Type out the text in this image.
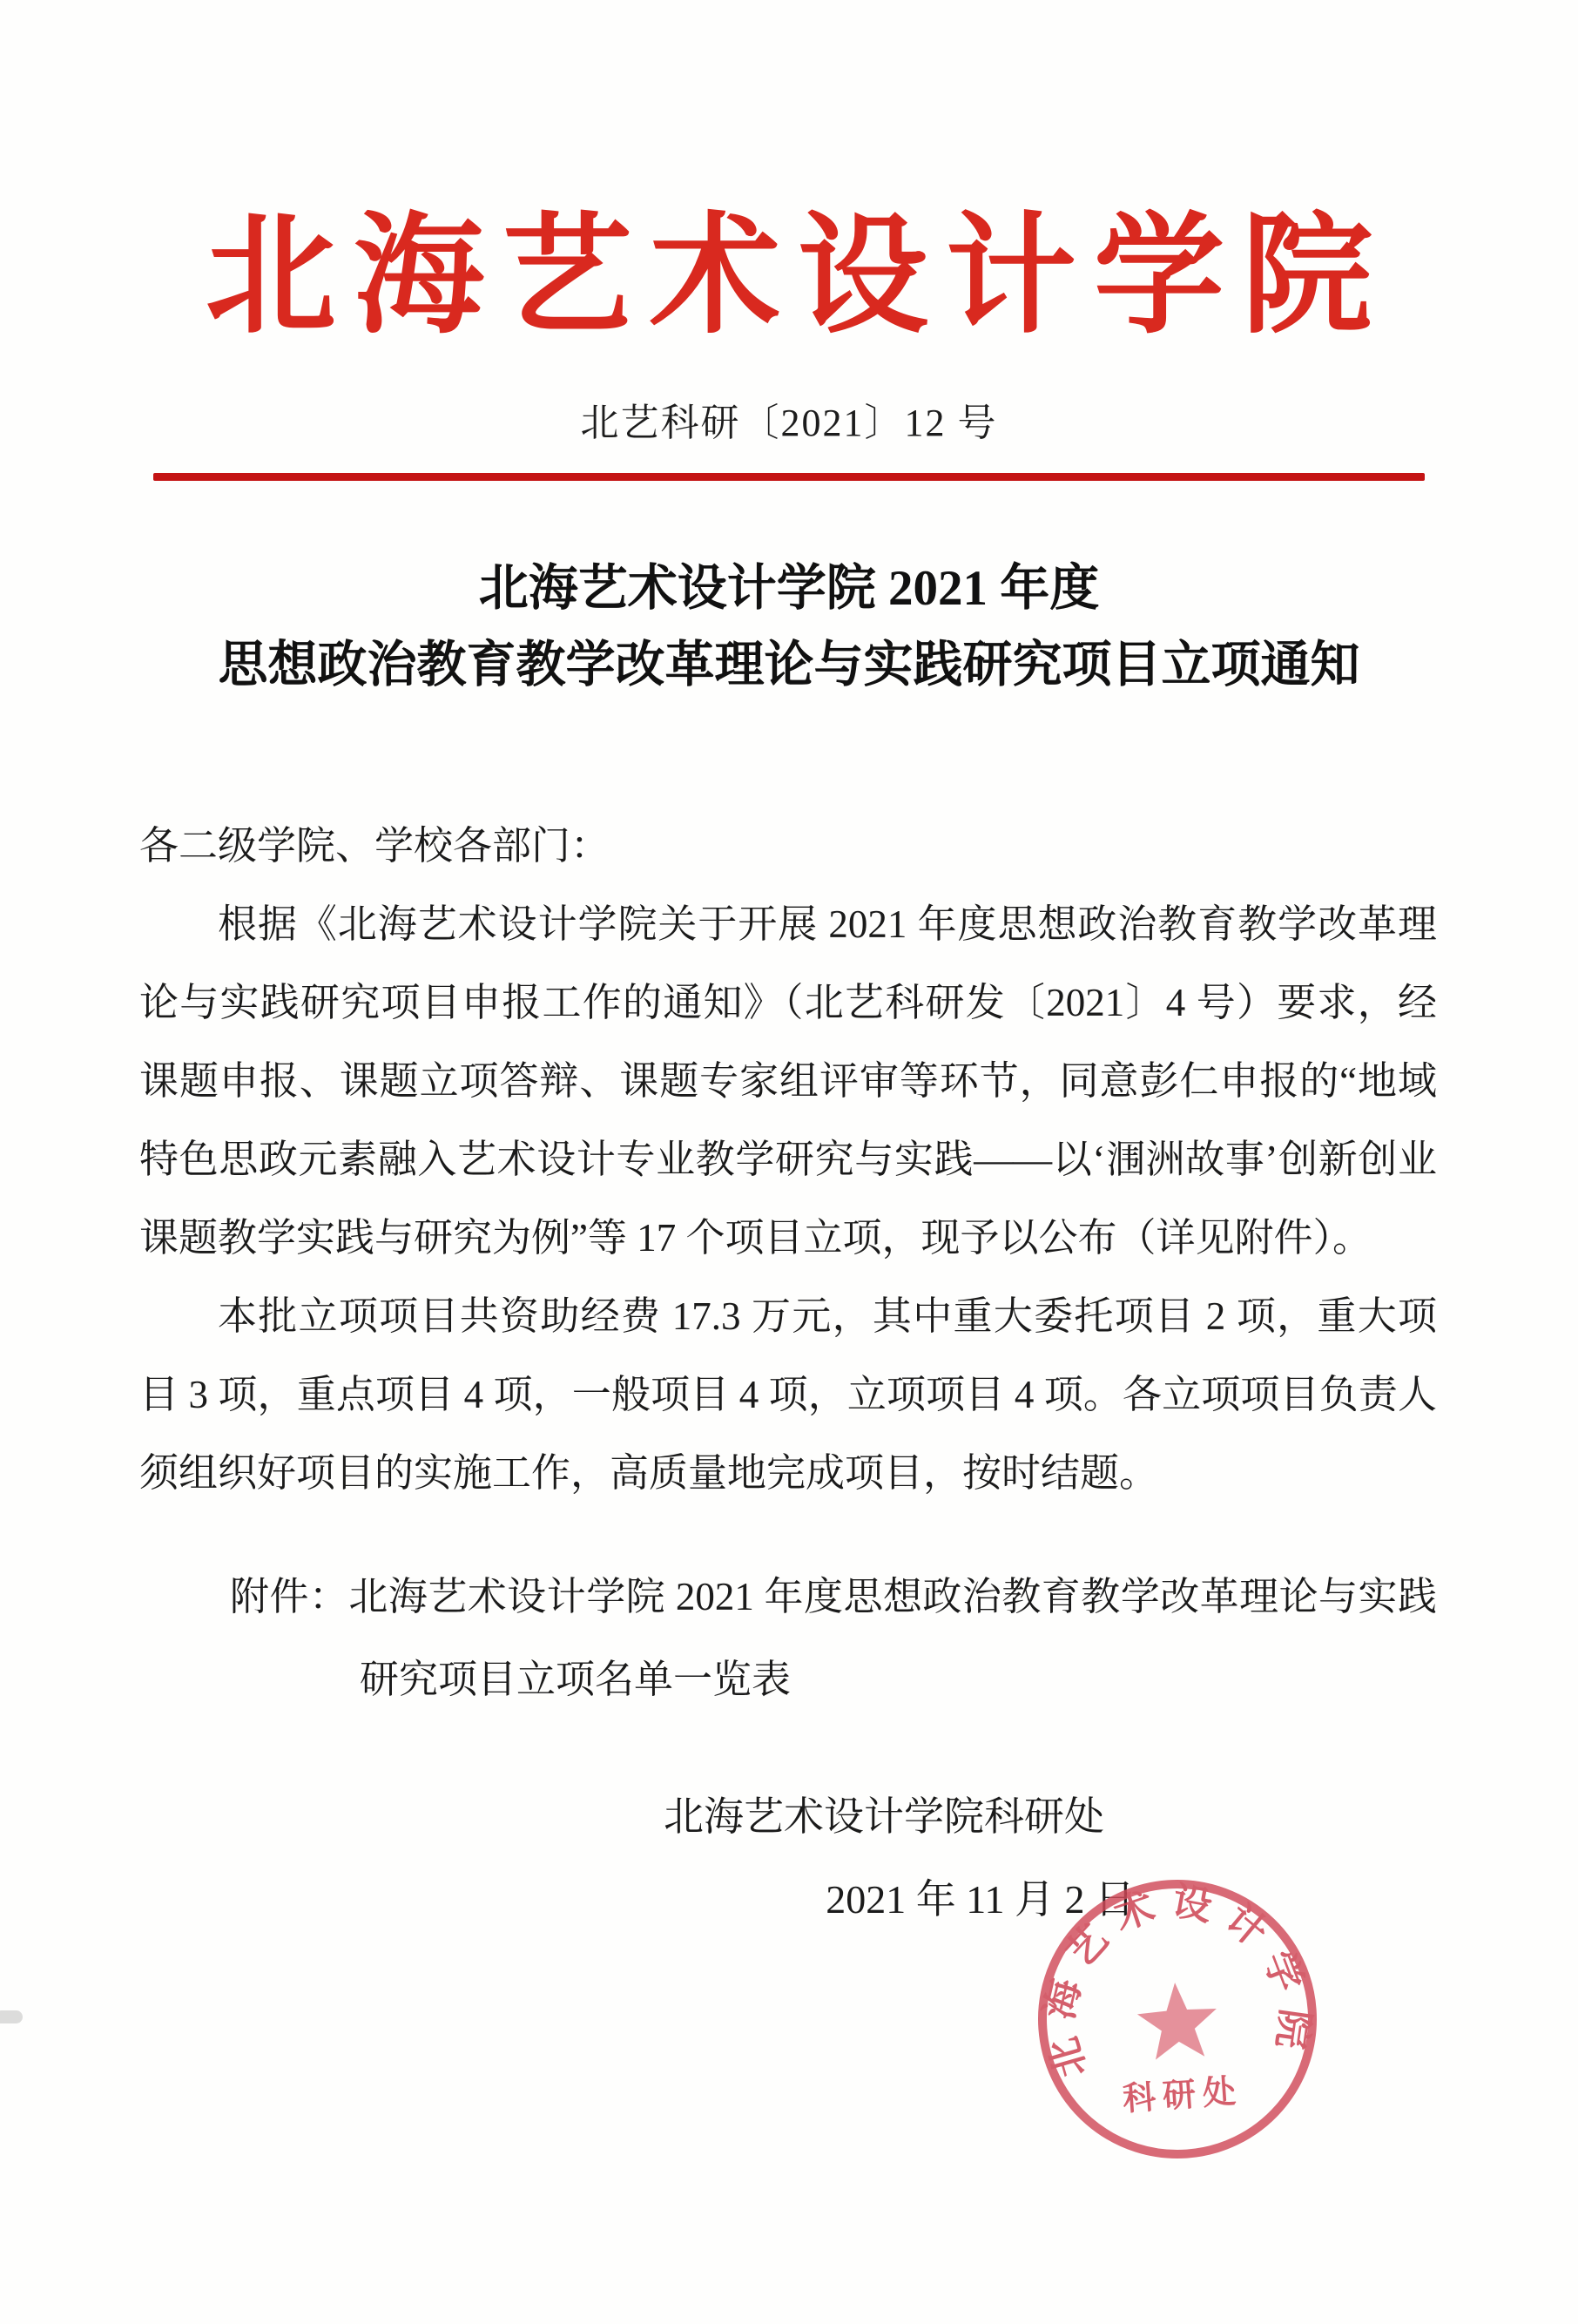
北海艺术设计学院
北艺科研〔2021〕12 号
北海艺术设计学院 2021 年度
思想政治教育教学改革理论与实践研究项目立项通知
各二级学院、学校各部门：
根据《北海艺术设计学院关于开展 2021 年度思想政治教育教学改革理论与实践研究项目申报工作的通知》（北艺科研发〔2021〕4 号）要求，经课题申报、课题立项答辩、课题专家组评审等环节，同意彭仁申报的“地域特色思政元素融入艺术设计专业教学研究与实践——以‘涠洲故事’创新创业课题教学实践与研究为例”等 17 个项目立项，现予以公布（详见附件）。
本批立项项目共资助经费 17.3 万元，其中重大委托项目 2 项，重大项目 3 项，重点项目 4 项，一般项目 4 项，立项项目 4 项。各立项项目负责人须组织好项目的实施工作，高质量地完成项目，按时结题。
附件：北海艺术设计学院 2021 年度思想政治教育教学改革理论与实践研究项目立项名单一览表
北海艺术设计学院科研处
2021 年 11 月 2 日
北海艺术设计学院
科研处
